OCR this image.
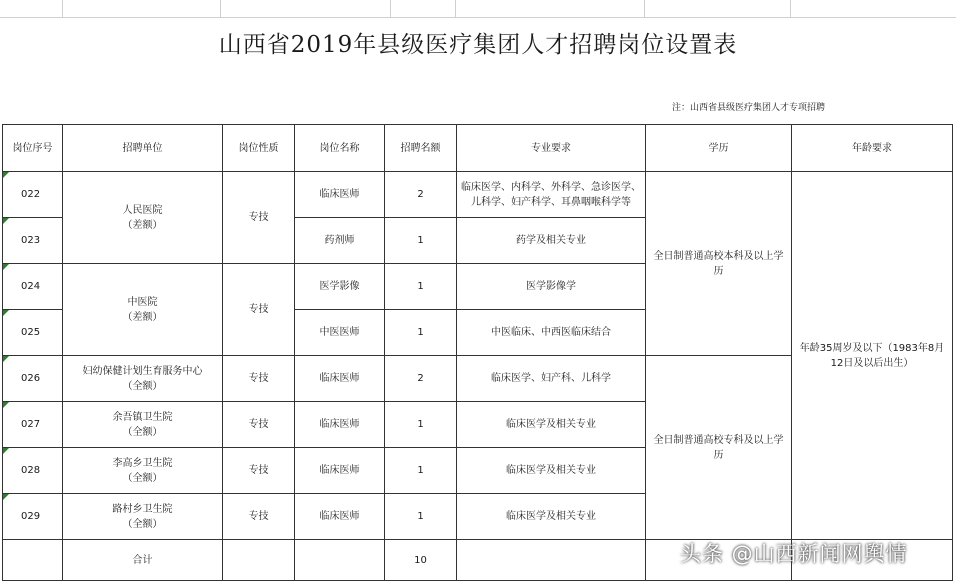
山西省2019年县级医疗集团人才招聘岗位设置表
注：山西省县级医疗集团人才专项招聘
岗位序号	招聘单位	岗位性质	岗位名称	招聘名额	专业要求	学历	年龄要求

022	人民医院
（差额）	专技	临床医师	2	临床医学、内科学、外科学、急诊医学、儿科学、妇产科学、耳鼻咽喉科学等	全日制普通高校本科及以上学历	年龄35周岁及以下（1983年8月12日及以后出生）

023			药剂师	1	药学及相关专业		

024	中医院
（差额）	专技	医学影像	1	医学影像学		

025			中医医师	1	中医临床、中西医临床结合		

026	妇幼保健计划生育服务中心
（全额）	专技	临床医师	2	临床医学、妇产科、儿科学	全日制普通高校专科及以上学历	

027	余吾镇卫生院
（全额）	专技	临床医师	1	临床医学及相关专业		

028	李高乡卫生院
（全额）	专技	临床医师	1	临床医学及相关专业		

029	路村乡卫生院
（全额）	专技	临床医师	1	临床医学及相关专业		
	合计			10				头条 @山西新闻网舆情
